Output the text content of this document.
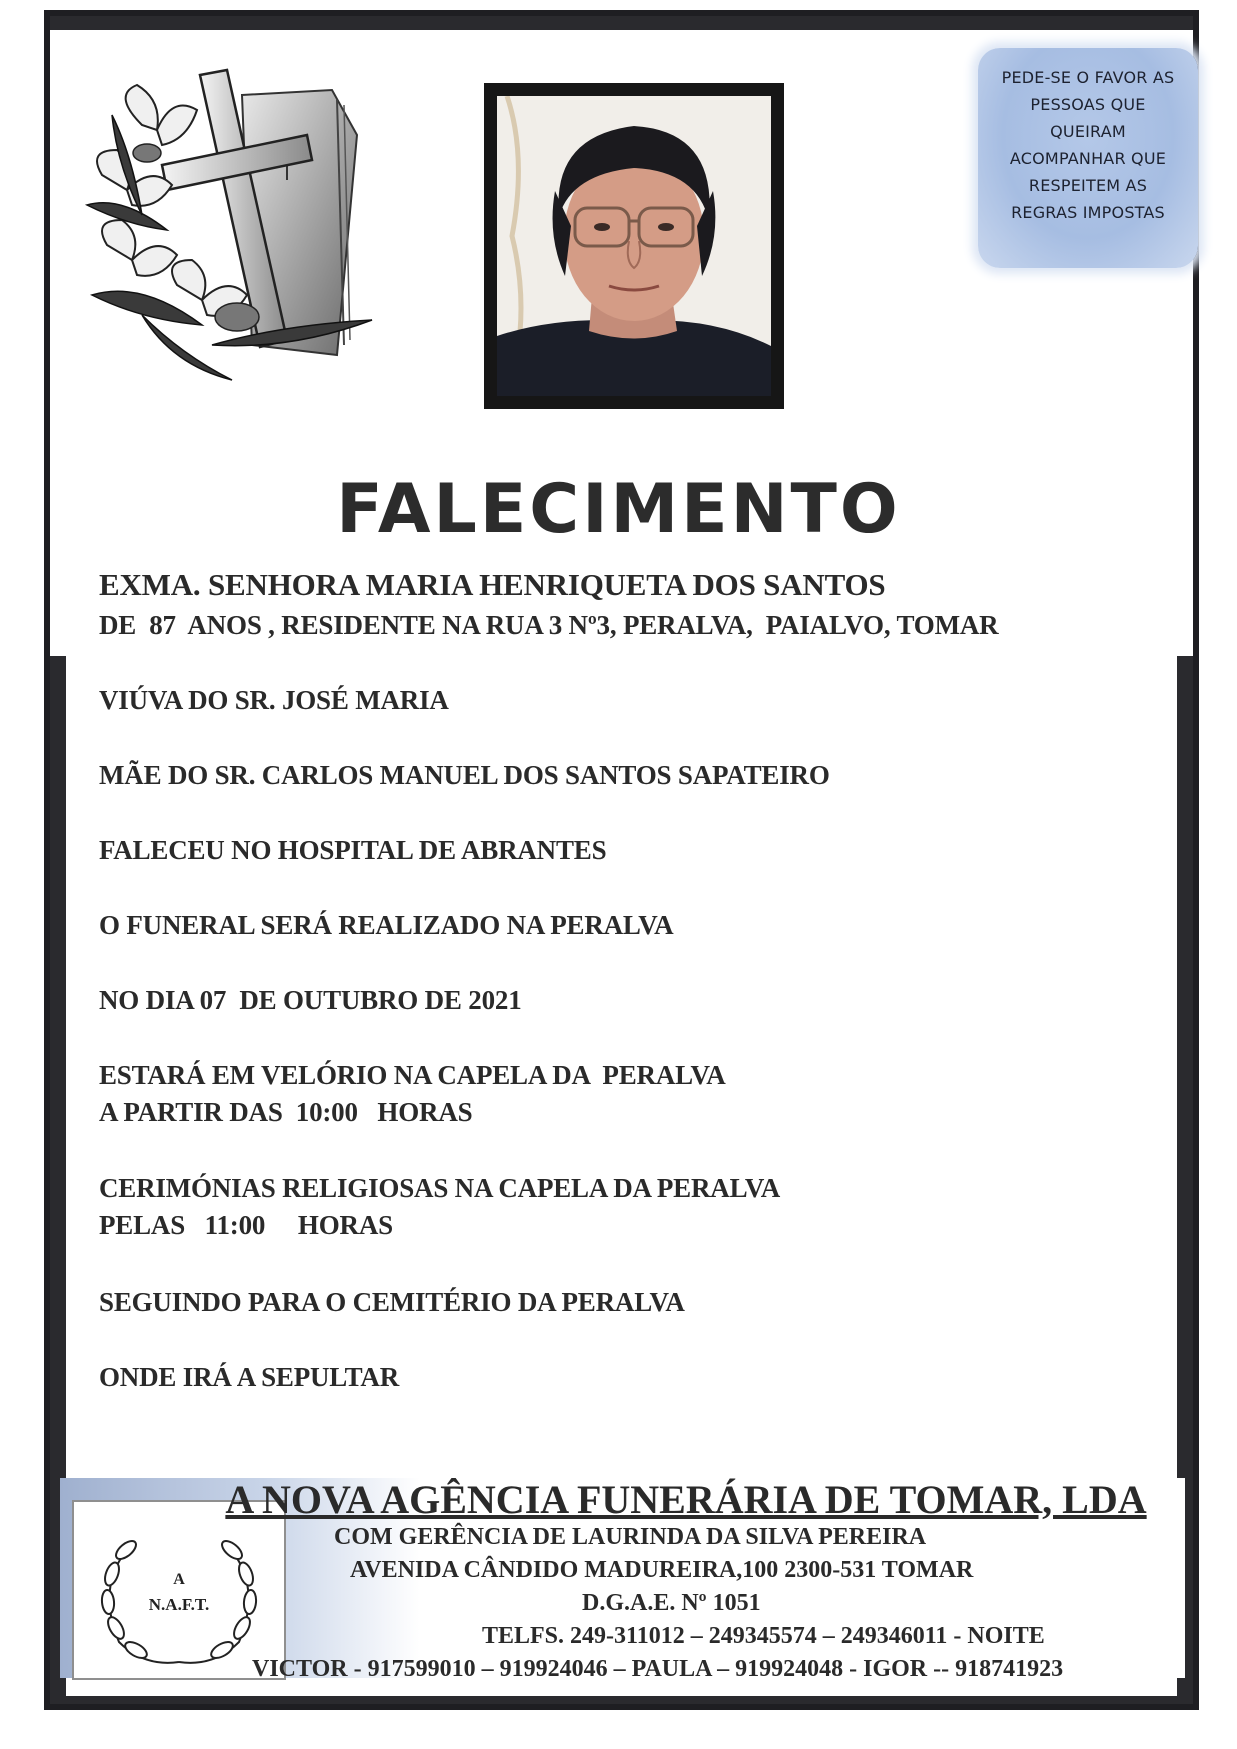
PEDE-SE O FAVOR AS
PESSOAS QUE
QUEIRAM
ACOMPANHAR QUE
RESPEITEM AS
REGRAS IMPOSTAS
FALECIMENTO
EXMA. SENHORA MARIA HENRIQUETA DOS SANTOS
DE  87  ANOS , RESIDENTE NA RUA 3 Nº3, PERALVA,  PAIALVO, TOMAR
VIÚVA DO SR. JOSÉ MARIA
MÃE DO SR. CARLOS MANUEL DOS SANTOS SAPATEIRO
FALECEU NO HOSPITAL DE ABRANTES
O FUNERAL SERÁ REALIZADO NA PERALVA
NO DIA 07  DE OUTUBRO DE 2021
ESTARÁ EM VELÓRIO NA CAPELA DA  PERALVA
A PARTIR DAS  10:00   HORAS
CERIMÓNIAS RELIGIOSAS NA CAPELA DA PERALVA
PELAS   11:00     HORAS
SEGUINDO PARA O CEMITÉRIO DA PERALVA
ONDE IRÁ A SEPULTAR
A
N.A.F.T.
A NOVA AGÊNCIA FUNERÁRIA DE TOMAR, LDA
COM GERÊNCIA DE LAURINDA DA SILVA PEREIRA
AVENIDA CÂNDIDO MADUREIRA,100 2300-531 TOMAR
D.G.A.E. Nº 1051
TELFS. 249-311012 – 249345574 – 249346011 - NOITE
VICTOR - 917599010 – 919924046 – PAULA – 919924048 - IGOR -- 918741923
